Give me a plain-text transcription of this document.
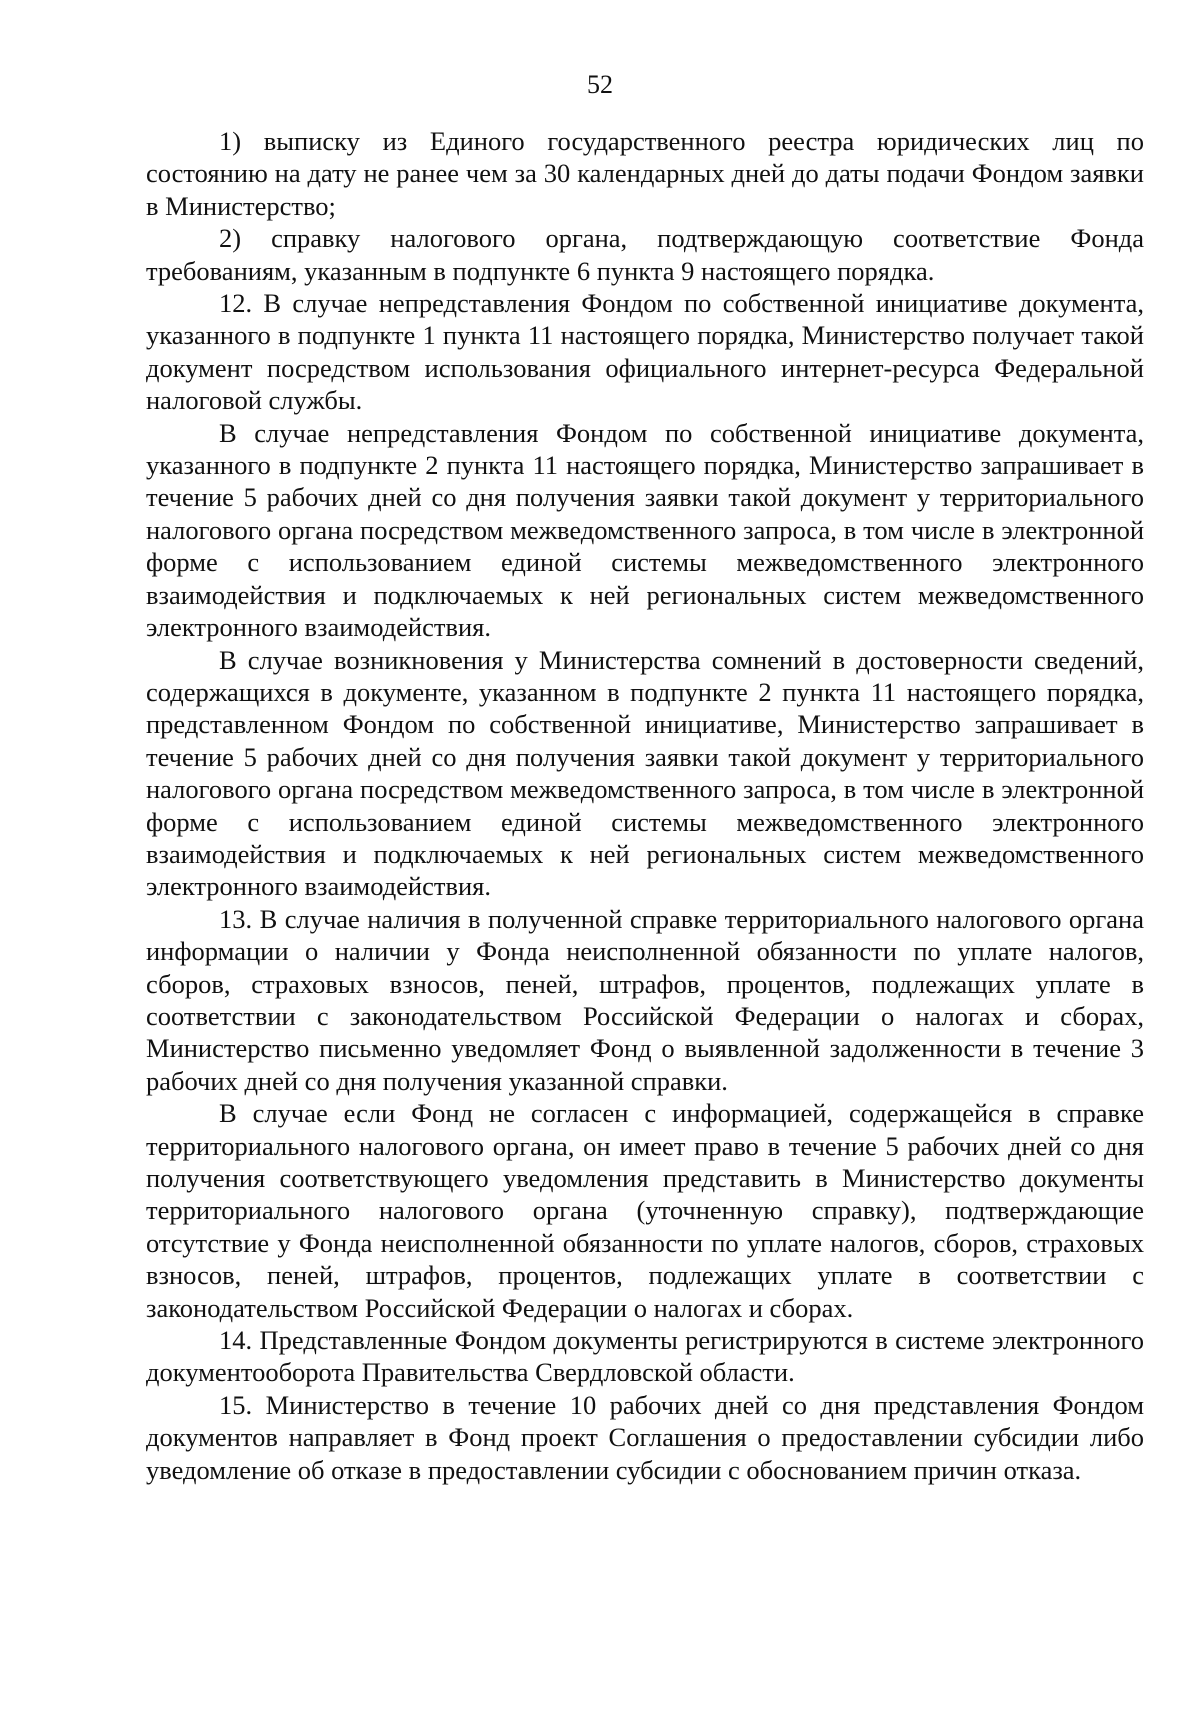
52

1) выписку из Единого государственного реестра юридических лиц по состоянию на дату не ранее чем за 30 календарных дней до даты подачи Фондом заявки в Министерство;

2) справку налогового органа, подтверждающую соответствие Фонда требованиям, указанным в подпункте 6 пункта 9 настоящего порядка.

12. В случае непредставления Фондом по собственной инициативе документа, указанного в подпункте 1 пункта 11 настоящего порядка, Министерство получает такой документ посредством использования официального интернет-ресурса Федеральной налоговой службы.

В случае непредставления Фондом по собственной инициативе документа, указанного в подпункте 2 пункта 11 настоящего порядка, Министерство запрашивает в течение 5 рабочих дней со дня получения заявки такой документ у территориального налогового органа посредством межведомственного запроса, в том числе в электронной форме с использованием единой системы межведомственного электронного взаимодействия и подключаемых к ней региональных систем межведомственного электронного взаимодействия.

В случае возникновения у Министерства сомнений в достоверности сведений, содержащихся в документе, указанном в подпункте 2 пункта 11 настоящего порядка, представленном Фондом по собственной инициативе, Министерство запрашивает в течение 5 рабочих дней со дня получения заявки такой документ у территориального налогового органа посредством межведомственного запроса, в том числе в электронной форме с использованием единой системы межведомственного электронного взаимодействия и подключаемых к ней региональных систем межведомственного электронного взаимодействия.

13. В случае наличия в полученной справке территориального налогового органа информации о наличии у Фонда неисполненной обязанности по уплате налогов, сборов, страховых взносов, пеней, штрафов, процентов, подлежащих уплате в соответствии с законодательством Российской Федерации о налогах и сборах, Министерство письменно уведомляет Фонд о выявленной задолженности в течение 3 рабочих дней со дня получения указанной справки.

В случае если Фонд не согласен с информацией, содержащейся в справке территориального налогового органа, он имеет право в течение 5 рабочих дней со дня получения соответствующего уведомления представить в Министерство документы территориального налогового органа (уточненную справку), подтверждающие отсутствие у Фонда неисполненной обязанности по уплате налогов, сборов, страховых взносов, пеней, штрафов, процентов, подлежащих уплате в соответствии с законодательством Российской Федерации о налогах и сборах.

14. Представленные Фондом документы регистрируются в системе электронного документооборота Правительства Свердловской области.

15. Министерство в течение 10 рабочих дней со дня представления Фондом документов направляет в Фонд проект Соглашения о предоставлении субсидии либо уведомление об отказе в предоставлении субсидии с обоснованием причин отказа.
